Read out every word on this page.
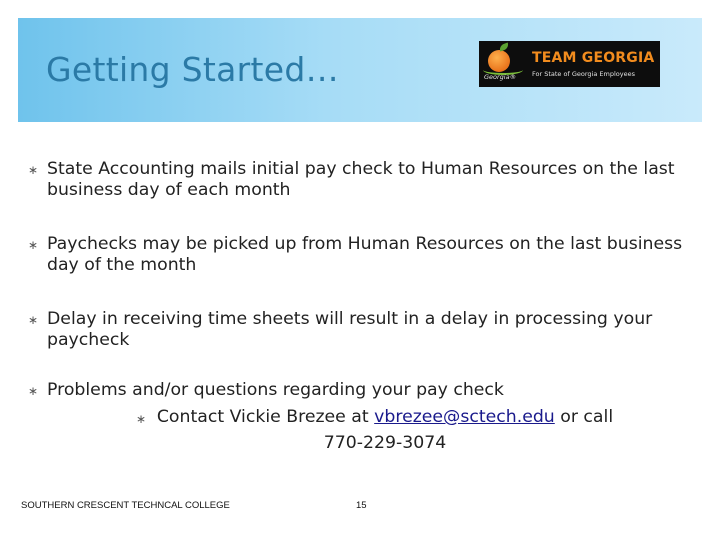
Getting Started…	Georgia®
TEAM GEORGIA
For State of Georgia Employees
∗ State Accounting mails initial pay check to Human Resources on the last business day of each month
∗ Paychecks may be picked up from Human Resources on the last business day of the month
∗ Delay in receiving time sheets will result in a delay in processing your paycheck
∗ Problems and/or questions regarding your pay check
∗ Contact Vickie Brezee at vbrezee@sctech.edu or call 770-229-3074
SOUTHERN CRESCENT TECHNCAL COLLEGE	15
